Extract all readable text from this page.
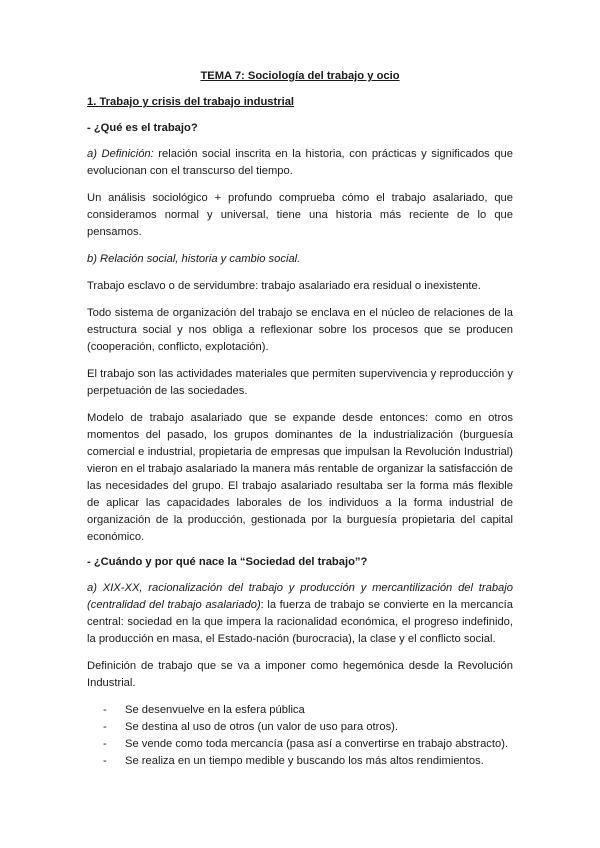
TEMA 7: Sociología del trabajo y ocio
1. Trabajo y crisis del trabajo industrial
- ¿Qué es el trabajo?

a) Definición: relación social inscrita en la historia, con prácticas y significados que evolucionan con el transcurso del tiempo.

Un análisis sociológico + profundo comprueba cómo el trabajo asalariado, que consideramos normal y universal, tiene una historia más reciente de lo que pensamos.

b) Relación social, historia y cambio social.

Trabajo esclavo o de servidumbre: trabajo asalariado era residual o inexistente.

Todo sistema de organización del trabajo se enclava en el núcleo de relaciones de la estructura social y nos obliga a reflexionar sobre los procesos que se producen (cooperación, conflicto, explotación).

El trabajo son las actividades materiales que permiten supervivencia y reproducción y perpetuación de las sociedades.

Modelo de trabajo asalariado que se expande desde entonces: como en otros momentos del pasado, los grupos dominantes de la industrialización (burguesía comercial e industrial, propietaria de empresas que impulsan la Revolución Industrial) vieron en el trabajo asalariado la manera más rentable de organizar la satisfacción de las necesidades del grupo. El trabajo asalariado resultaba ser la forma más flexible de aplicar las capacidades laborales de los individuos a la forma industrial de organización de la producción, gestionada por la burguesía propietaria del capital económico.

- ¿Cuándo y por qué nace la “Sociedad del trabajo”?

a) XIX-XX, racionalización del trabajo y producción y mercantilización del trabajo (centralidad del trabajo asalariado): la fuerza de trabajo se convierte en la mercancía central: sociedad en la que impera la racionalidad económica, el progreso indefinido, la producción en masa, el Estado-nación (burocracia), la clase y el conflicto social.

Definición de trabajo que se va a imponer como hegemónica desde la Revolución Industrial.

-	Se desenvuelve en la esfera pública
-	Se destina al uso de otros (un valor de uso para otros).
-	Se vende como toda mercancía (pasa así a convertirse en trabajo abstracto).
-	Se realiza en un tiempo medible y buscando los más altos rendimientos.
